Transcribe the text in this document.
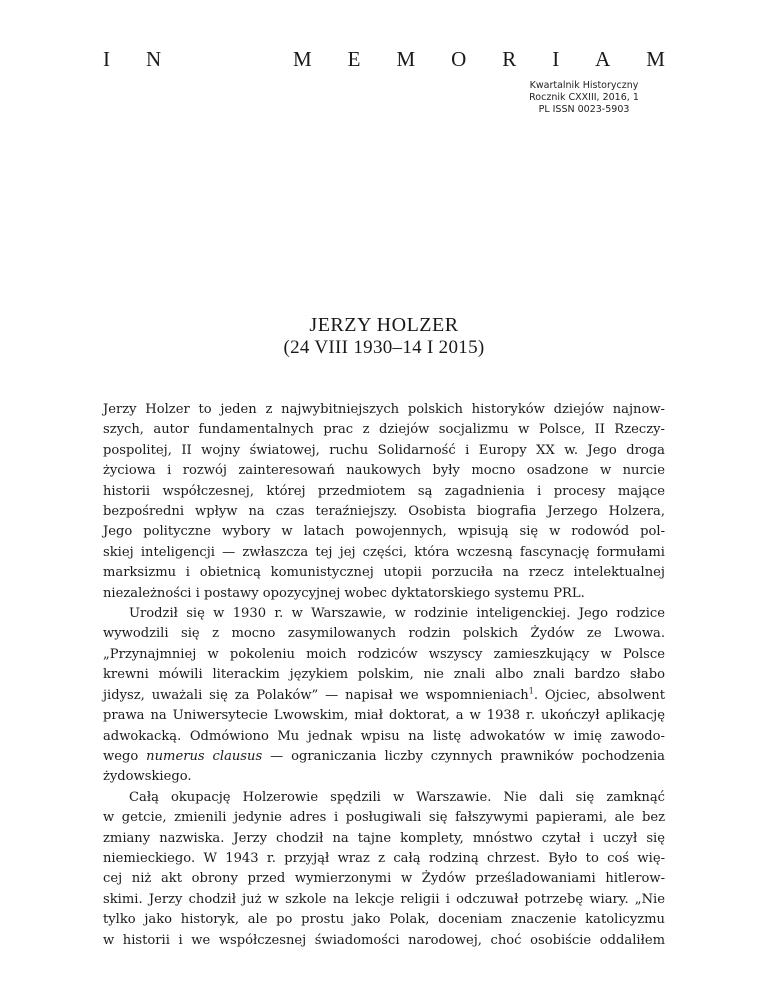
I N	M E M O R I A M
Kwartalnik Historyczny
Rocznik CXXIII, 2016, 1
PL ISSN 0023-5903
JERZY HOLZER
(24 VIII 1930–14 I 2015)
Jerzy Holzer to jeden z najwybitniejszych polskich historyków dziejów najnow-
szych, autor fundamentalnych prac z dziejów socjalizmu w Polsce, II Rzeczy-
pospolitej, II wojny światowej, ruchu Solidarność i Europy XX w. Jego droga
życiowa i rozwój zainteresowań naukowych były mocno osadzone w nurcie
historii współczesnej, której przedmiotem są zagadnienia i procesy mające
bezpośredni wpływ na czas teraźniejszy. Osobista biografia Jerzego Holzera,
Jego polityczne wybory w latach powojennych, wpisują się w rodowód pol-
skiej inteligencji — zwłaszcza tej jej części, która wczesną fascynację formułami
marksizmu i obietnicą komunistycznej utopii porzuciła na rzecz intelektualnej
niezależności i postawy opozycyjnej wobec dyktatorskiego systemu PRL.
Urodził się w 1930 r. w Warszawie, w rodzinie inteligenckiej. Jego rodzice
wywodzili się z mocno zasymilowanych rodzin polskich Żydów ze Lwowa.
„Przynajmniej w pokoleniu moich rodziców wszyscy zamieszkujący w Polsce
krewni mówili literackim językiem polskim, nie znali albo znali bardzo słabo
jidysz, uważali się za Polaków” — napisał we wspomnieniach$^1$. Ojciec, absolwent
prawa na Uniwersytecie Lwowskim, miał doktorat, a w 1938 r. ukończył aplikację
adwokacką. Odmówiono Mu jednak wpisu na listę adwokatów w imię zawodo-
wego numerus clausus — ograniczania liczby czynnych prawników pochodzenia
żydowskiego.
Całą okupację Holzerowie spędzili w Warszawie. Nie dali się zamknąć
w getcie, zmienili jedynie adres i posługiwali się fałszywymi papierami, ale bez
zmiany nazwiska. Jerzy chodził na tajne komplety, mnóstwo czytał i uczył się
niemieckiego. W 1943 r. przyjął wraz z całą rodziną chrzest. Było to coś wię-
cej niż akt obrony przed wymierzonymi w Żydów prześladowaniami hitlerow-
skimi. Jerzy chodził już w szkole na lekcje religii i odczuwał potrzebę wiary. „Nie
tylko jako historyk, ale po prostu jako Polak, doceniam znaczenie katolicyzmu
w historii i we współczesnej świadomości narodowej, choć osobiście oddaliłem
